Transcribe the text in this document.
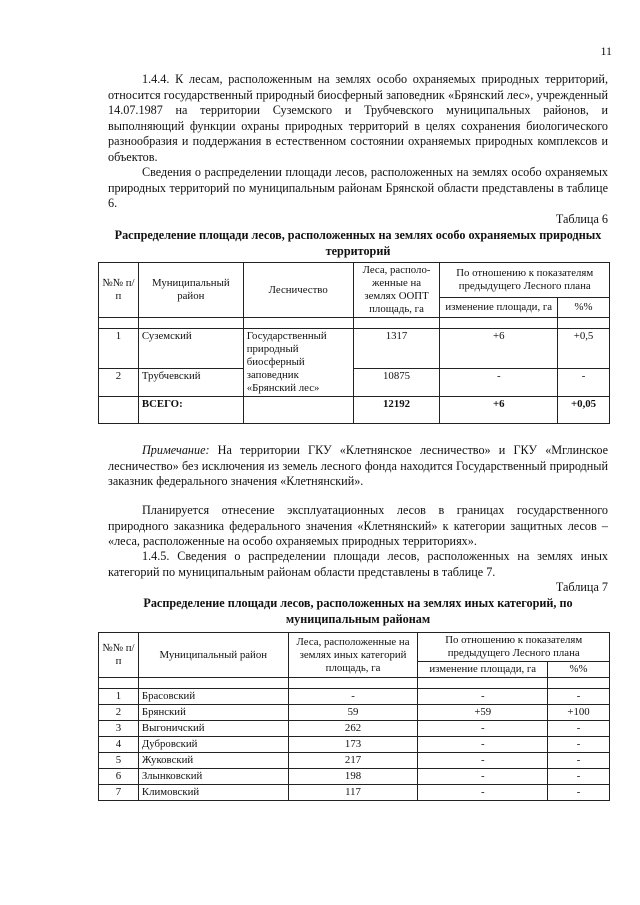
11

1.4.4. К лесам, расположенным на землях особо охраняемых природных территорий, относится государственный природный биосферный заповедник «Брянский лес», учрежденный 14.07.1987 на территории Суземского и Трубчевского муниципальных районов, и выполняющий функции охраны природных территорий в целях сохранения биологического разнообразия и поддержания в естественном состоянии охраняемых природных комплексов и объектов.

Сведения о распределении площади лесов, расположенных на землях особо охраняемых природных территорий по муниципальным районам Брянской области представлены в таблице 6.

Таблица 6

Распределение площади лесов, расположенных на землях особо охраняемых природных территорий

№№ п/п	Муниципальный район	Лесничество	Леса, располо-женные на землях ООПТ площадь, га	По отношению к показателям предыдущего Лесного плана	
				изменение площади, га	%%

1	Суземский	Государственный природный биосферный заповедник «Брянский лес»	1317	+6	+0,5
2	Трубчевский		10875	-	-
	ВСЕГО:		12192	+6	+0,05

Примечание: На территории ГКУ «Клетнянское лесничество» и ГКУ «Мглинское лесничество» без исключения из земель лесного фонда находится Государственный природный заказник федерального значения «Клетнянский».

Планируется отнесение эксплуатационных лесов в границах государственного природного заказника федерального значения «Клетнянский» к категории защитных лесов – «леса, расположенные на особо охраняемых природных территориях».

1.4.5. Сведения о распределении площади лесов, расположенных на землях иных категорий по муниципальным районам области представлены в таблице 7.

Таблица 7

Распределение площади лесов, расположенных на землях иных категорий, по муниципальным районам

№№ п/п	Муниципальный район	Леса, расположенные на землях иных категорий площадь, га	По отношению к показателям предыдущего Лесного плана	
			изменение площади, га	%%

1	Брасовский	-	-	-
2	Брянский	59	+59	+100
3	Выгоничский	262	-	-
4	Дубровский	173	-	-
5	Жуковский	217	-	-
6	Злынковский	198	-	-
7	Климовский	117	-	-
